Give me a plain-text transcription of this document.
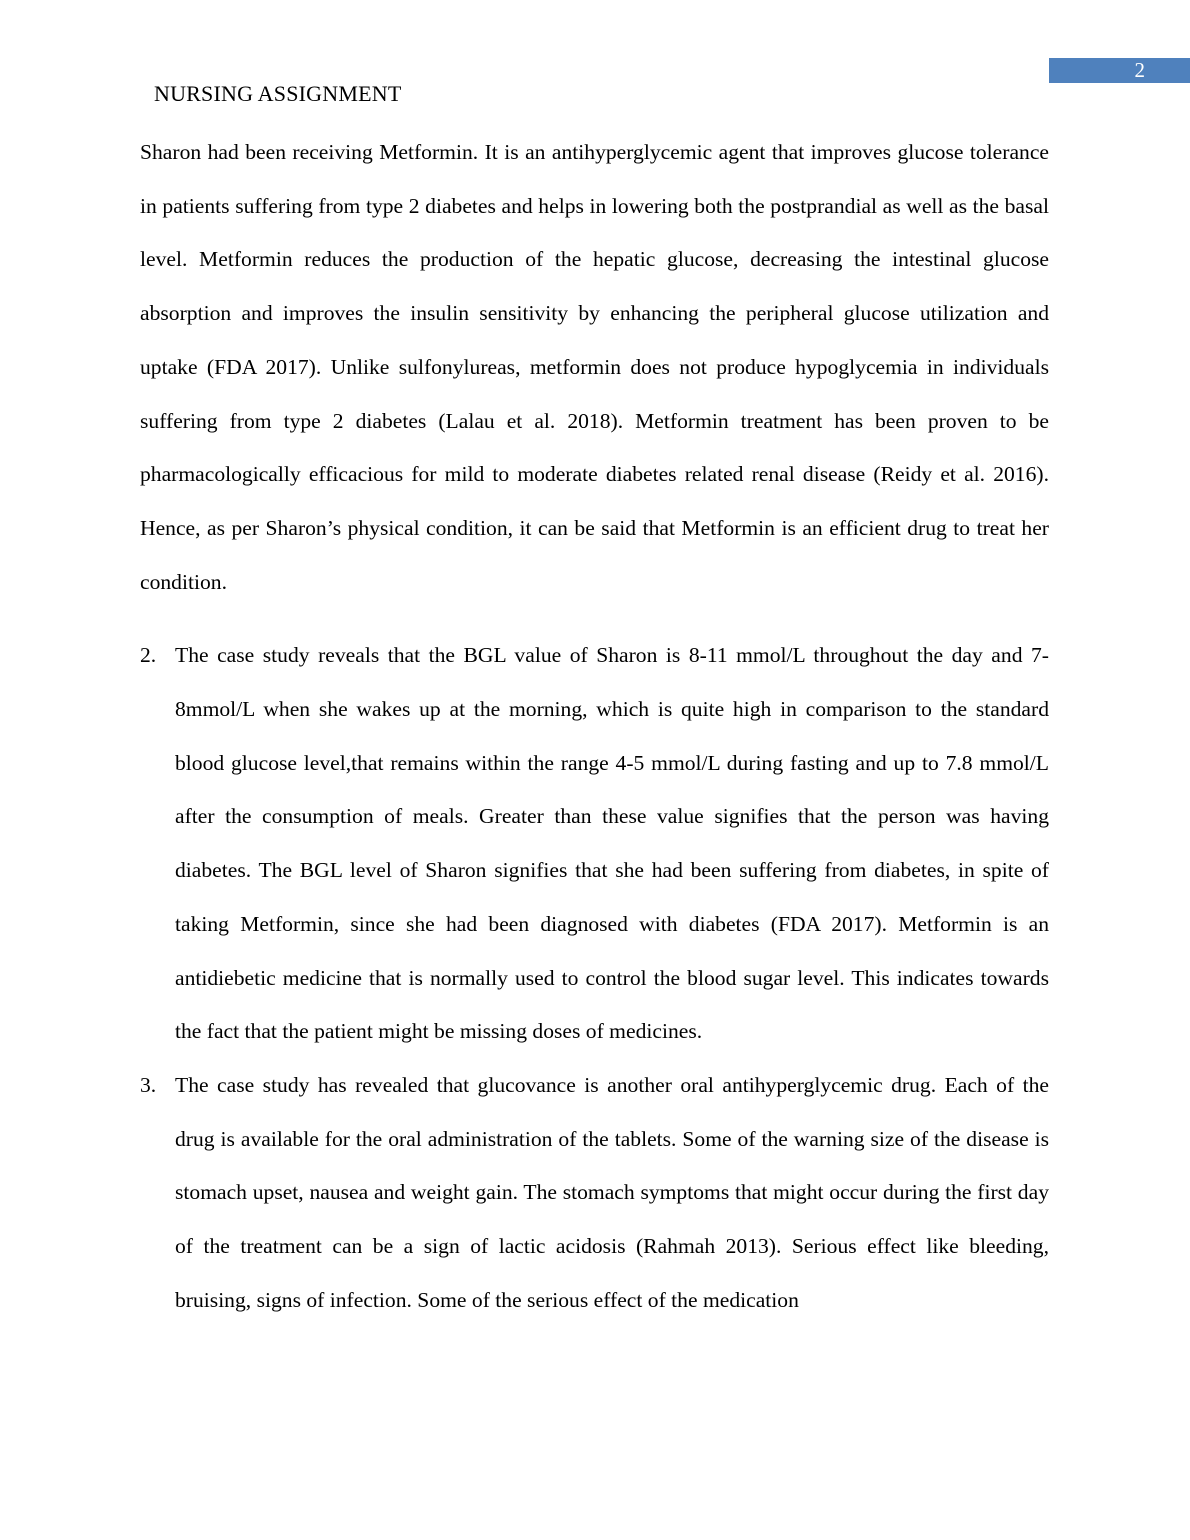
2
NURSING ASSIGNMENT

Sharon had been receiving Metformin. It is an antihyperglycemic agent that improves glucose tolerance in patients suffering from type 2 diabetes and helps in lowering both the postprandial as well as the basal level. Metformin reduces the production of the hepatic glucose, decreasing the intestinal glucose absorption and improves the insulin sensitivity by enhancing the peripheral glucose utilization and uptake (FDA 2017). Unlike sulfonylureas, metformin does not produce hypoglycemia in individuals suffering from type 2 diabetes (Lalau et al. 2018). Metformin treatment has been proven to be pharmacologically efficacious for mild to moderate diabetes related renal disease (Reidy et al. 2016). Hence, as per Sharon’s physical condition, it can be said that Metformin is an efficient drug to treat her condition.

2. The case study reveals that the BGL value of Sharon is 8-11 mmol/L throughout the day and 7-8mmol/L when she wakes up at the morning, which is quite high in comparison to the standard blood glucose level,that remains within the range 4-5 mmol/L during fasting and up to 7.8 mmol/L after the consumption of meals. Greater than these value signifies that the person was having diabetes. The BGL level of Sharon signifies that she had been suffering from diabetes, in spite of taking Metformin, since she had been diagnosed with diabetes (FDA 2017). Metformin is an antidiebetic medicine that is normally used to control the blood sugar level. This indicates towards the fact that the patient might be missing doses of medicines.
3. The case study has revealed that glucovance is another oral antihyperglycemic drug. Each of the drug is available for the oral administration of the tablets. Some of the warning size of the disease is stomach upset, nausea and weight gain. The stomach symptoms that might occur during the first day of the treatment can be a sign of lactic acidosis (Rahmah 2013). Serious effect like bleeding, bruising, signs of infection. Some of the serious effect of the medication
